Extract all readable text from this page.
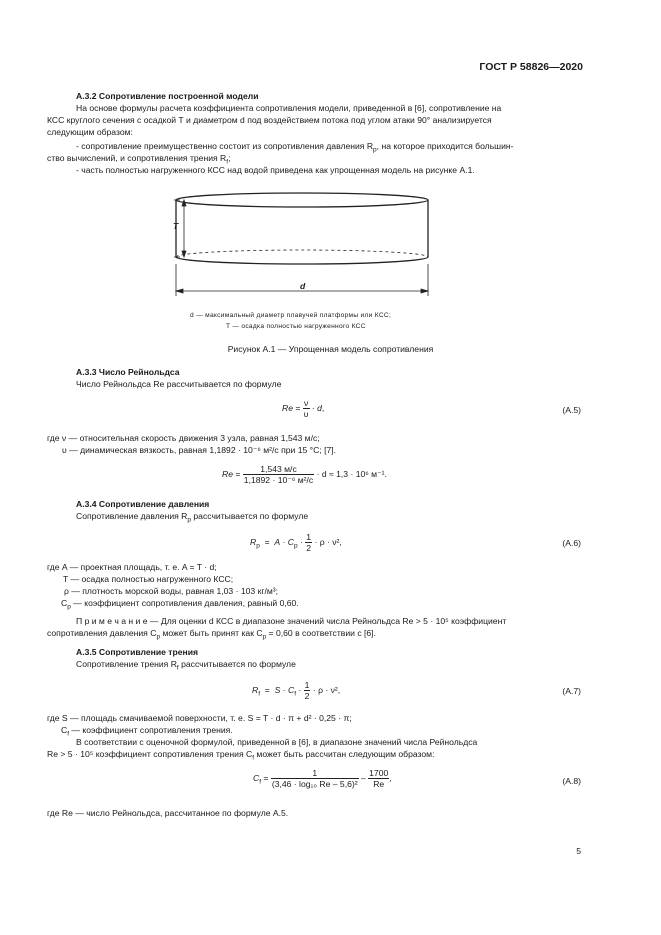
ГОСТ Р 58826—2020
А.3.2 Сопротивление построенной модели
На основе формулы расчета коэффициента сопротивления модели, приведенной в [6], сопротивление на
КСС круглого сечения с осадкой Т и диаметром d под воздействием потока под углом атаки 90° анализируется
следующим образом:
- сопротивление преимущественно состоит из сопротивления давления $R_p$, на которое приходится большин-
ство вычислений, и сопротивления трения $R_f$;
- часть полностью нагруженного КСС над водой приведена как упрощенная модель на рисунке А.1.
T
d
d — максимальный диаметр плавучей платформы или КСС;
T — осадка полностью нагруженного КСС
Рисунок А.1 — Упрощенная модель сопротивления
А.3.3 Число Рейнольдса
Число Рейнольдса Re рассчитывается по формуле
$Re = \frac{\nu}{\upsilon} \cdot d$,	(А.5)
где ν — относительная скорость движения 3 узла, равная 1,543 м/с;
υ — динамическая вязкость, равная 1,1892 · 10⁻⁶ м²/с при 15 °С; [7].
$Re = \frac{1,543 м/с}{\text{1,1892 · 10⁻⁶ м²/с}} \cdot d \approx 1,3 \cdot 10^6$ м⁻¹.
А.3.4 Сопротивление давления
Сопротивление давления $R_p$ рассчитывается по формуле
$R_p = A \cdot C_p \cdot \frac{1}{2} \cdot \rho \cdot \nu^2$,	(А.6)
где A — проектная площадь, т. е. A = T · d;
T — осадка полностью нагруженного КСС;
ρ — плотность морской воды, равная 1,03 · 103 кг/м³;
$C_p$ — коэффициент сопротивления давления, равный 0,60.
П р и м е ч а н и е — Для оценки d КСС в диапазоне значений числа Рейнольдса Re > 5 · 10⁵ коэффициент
сопротивления давления $C_p$ может быть принят как $C_p = 0,60$ в соответствии с [6].
А.3.5 Сопротивление трения
Сопротивление трения $R_f$ рассчитывается по формуле
$R_f = S \cdot C_f \cdot \frac{1}{2} \cdot \rho \cdot \nu^2$,	(А.7)
где S — площадь смачиваемой поверхности, т. е. S = T · d · π + d² · 0,25 · π;
$C_f$ — коэффициент сопротивления трения.
В соответствии с оценочной формулой, приведенной в [6], в диапазоне значений числа Рейнольдса
Re > 5 · 10⁵ коэффициент сопротивления трения $C_f$ может быть рассчитан следующим образом:
$C_f = \frac{1}{\text{(3,46 · log₁₀ Re – 5,6)²}} - \frac{1700}{Re}$ ,	(А.8)
где Re — число Рейнольдса, рассчитанное по формуле А.5.
5
